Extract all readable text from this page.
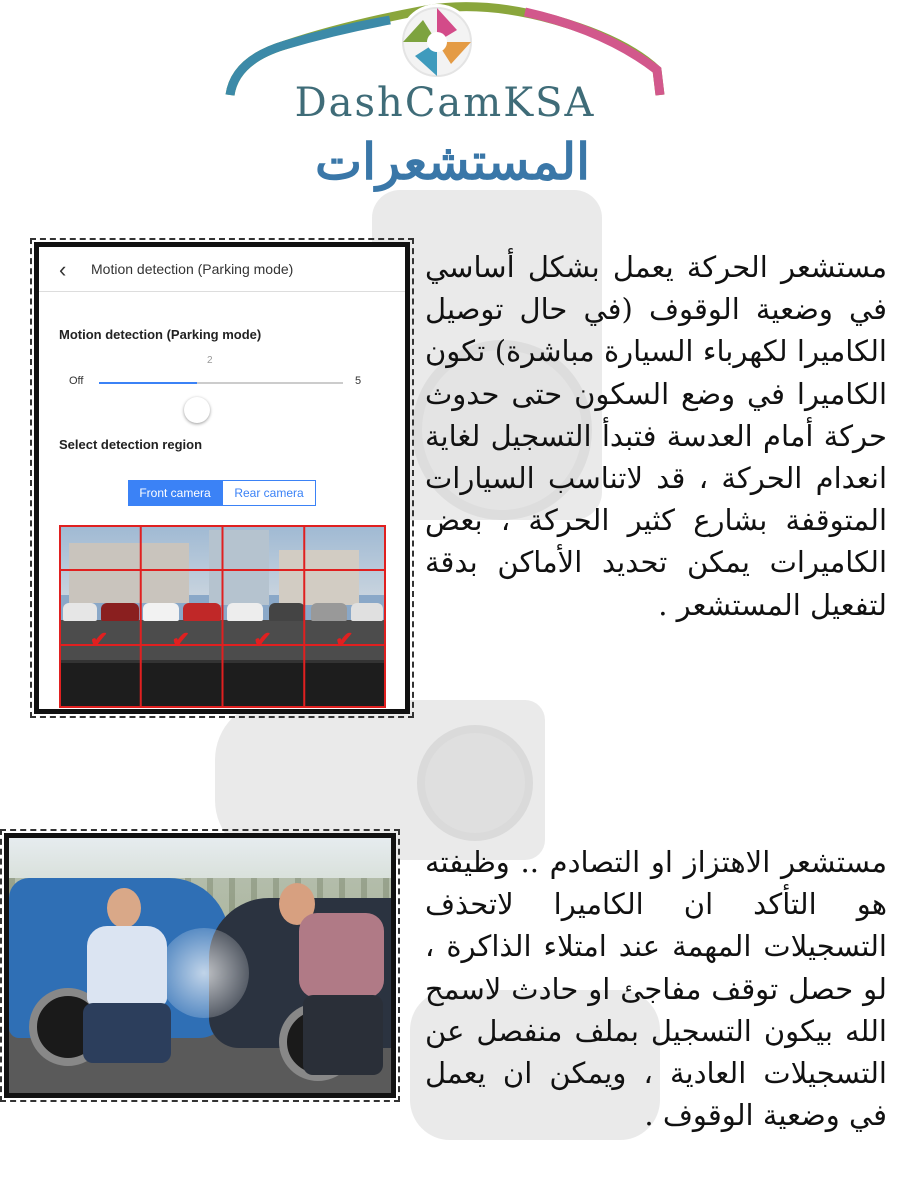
DashCamKSA
المستشعرات

مستشعر الحركة يعمل بشكل أساسي في وضعية الوقوف (في حال توصيل الكاميرا لكهرباء السيارة مباشرة) تكون الكاميرا في وضع السكون حتى حدوث حركة أمام العدسة فتبدأ التسجيل لغاية انعدام الحركة ، قد لاتناسب السيارات المتوقفة بشارع كثير الحركة ، بعض الكاميرات يمكن تحديد الأماكن بدقة لتفعيل المستشعر .

‹ Motion detection (Parking mode)
Motion detection (Parking mode)
2
Off	5
Select detection region
Front camera	Rear camera
✔	✔	✔	✔

مستشعر الاهتزاز او التصادم .. وظيفته هو التأكد ان الكاميرا لاتحذف التسجيلات المهمة عند امتلاء الذاكرة ، لو حصل توقف مفاجئ او حادث لاسمح الله بيكون التسجيل بملف منفصل عن التسجيلات العادية ، ويمكن ان يعمل في وضعية الوقوف .
